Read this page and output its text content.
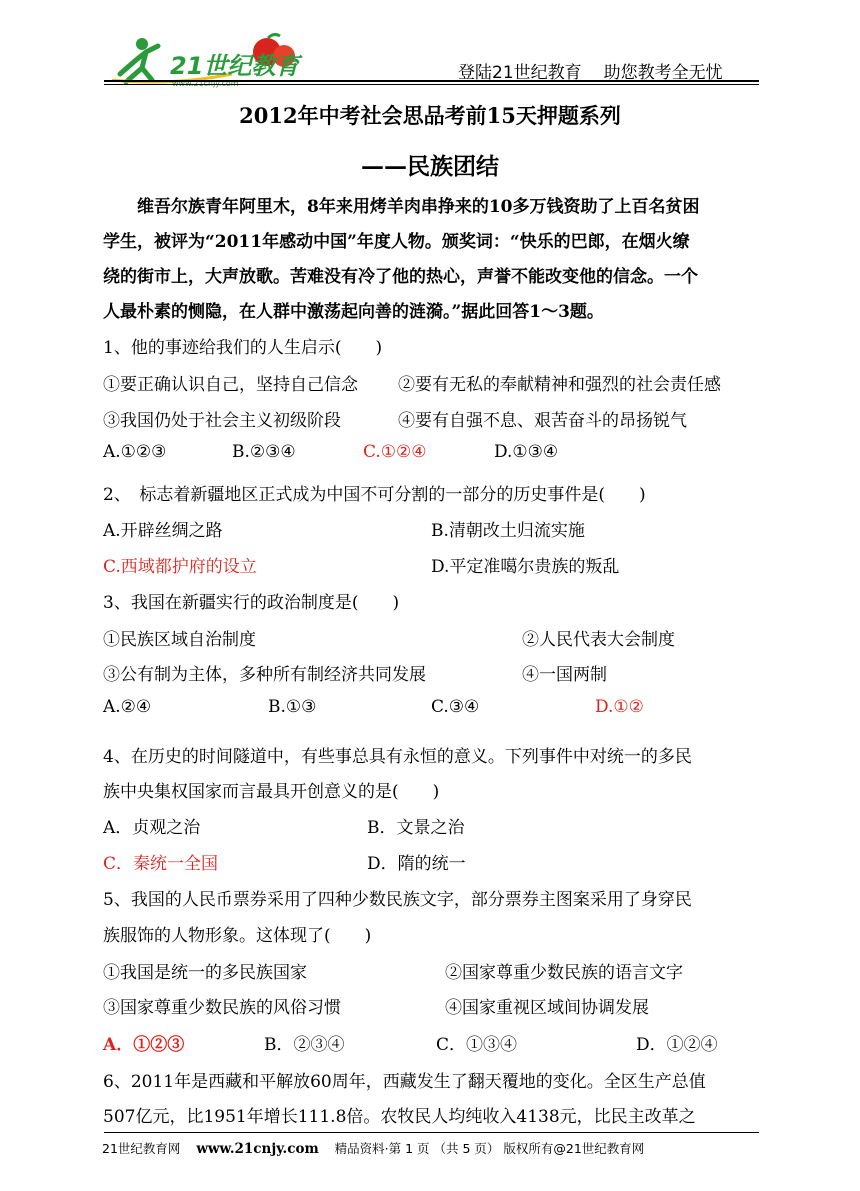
21世纪教育
www.21cnjy.com
登陆21世纪教育 助您教考全无忧
2012年中考社会思品考前15天押题系列
——民族团结
维吾尔族青年阿里木，8年来用烤羊肉串挣来的10多万钱资助了上百名贫困
学生，被评为“2011年感动中国”年度人物。颁奖词：“快乐的巴郎，在烟火缭
绕的街市上，大声放歌。苦难没有冷了他的热心，声誉不能改变他的信念。一个
人最朴素的恻隐，在人群中激荡起向善的涟漪。”据此回答1～3题。
1、他的事迹给我们的人生启示(　　)
①要正确认识自己，坚持自己信念 ②要有无私的奉献精神和强烈的社会责任感
③我国仍处于社会主义初级阶段	④要有自强不息、艰苦奋斗的昂扬锐气
A.①②③	B.②③④	C.①②④	D.①③④
2、　标志着新疆地区正式成为中国不可分割的一部分的历史事件是(　　)
A.开辟丝绸之路	B.清朝改土归流实施
C.西域都护府的设立	D.平定准噶尔贵族的叛乱
3、我国在新疆实行的政治制度是(　　)
①民族区域自治制度	②人民代表大会制度
③公有制为主体，多种所有制经济共同发展	④一国两制
A.②④	B.①③	C.③④	D.①②
4、在历史的时间隧道中，有些事总具有永恒的意义。下列事件中对统一的多民
族中央集权国家而言最具开创意义的是(　　)
A．贞观之治	B．文景之治
C．秦统一全国	D．隋的统一
5、我国的人民币票券采用了四种少数民族文字，部分票券主图案采用了身穿民
族服饰的人物形象。这体现了(　　)
①我国是统一的多民族国家	②国家尊重少数民族的语言文字
③国家尊重少数民族的风俗习惯	④国家重视区域间协调发展
A．①②③	B．②③④	C．①③④	D．①②④
6、2011年是西藏和平解放60周年，西藏发生了翻天覆地的变化。全区生产总值
507亿元，比1951年增长111.8倍。农牧民人均纯收入4138元，比民主改革之
21世纪教育网 www.21cnjy.com 精品资料·第 1 页 （共 5 页） 版权所有@21世纪教育网
